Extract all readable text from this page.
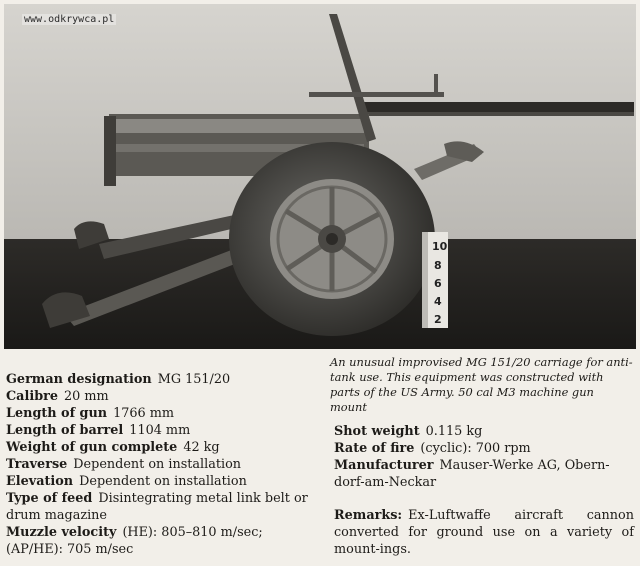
10
8
6
4
2
www.odkrywca.pl
An unusual improvised MG 151/20 carriage for anti-tank use. This equipment was constructed with parts of the US Army. 50 cal M3 machine gun mount

German designation MG 151/20

Calibre 20 mm

Length of gun 1766 mm

Length of barrel 1104 mm

Weight of gun complete 42 kg

Traverse Dependent on installation

Elevation Dependent on installation

Type of feed Disintegrating metal link belt or drum magazine

Muzzle velocity (HE): 805–810 m/sec; (AP/HE): 705 m/sec

Shot weight 0.115 kg

Rate of fire (cyclic): 700 rpm

Manufacturer Mauser-Werke AG, Obern-dorf-am-Neckar

Remarks: Ex-Luftwaffe aircraft cannon converted for ground use on a variety of mount-ings.
